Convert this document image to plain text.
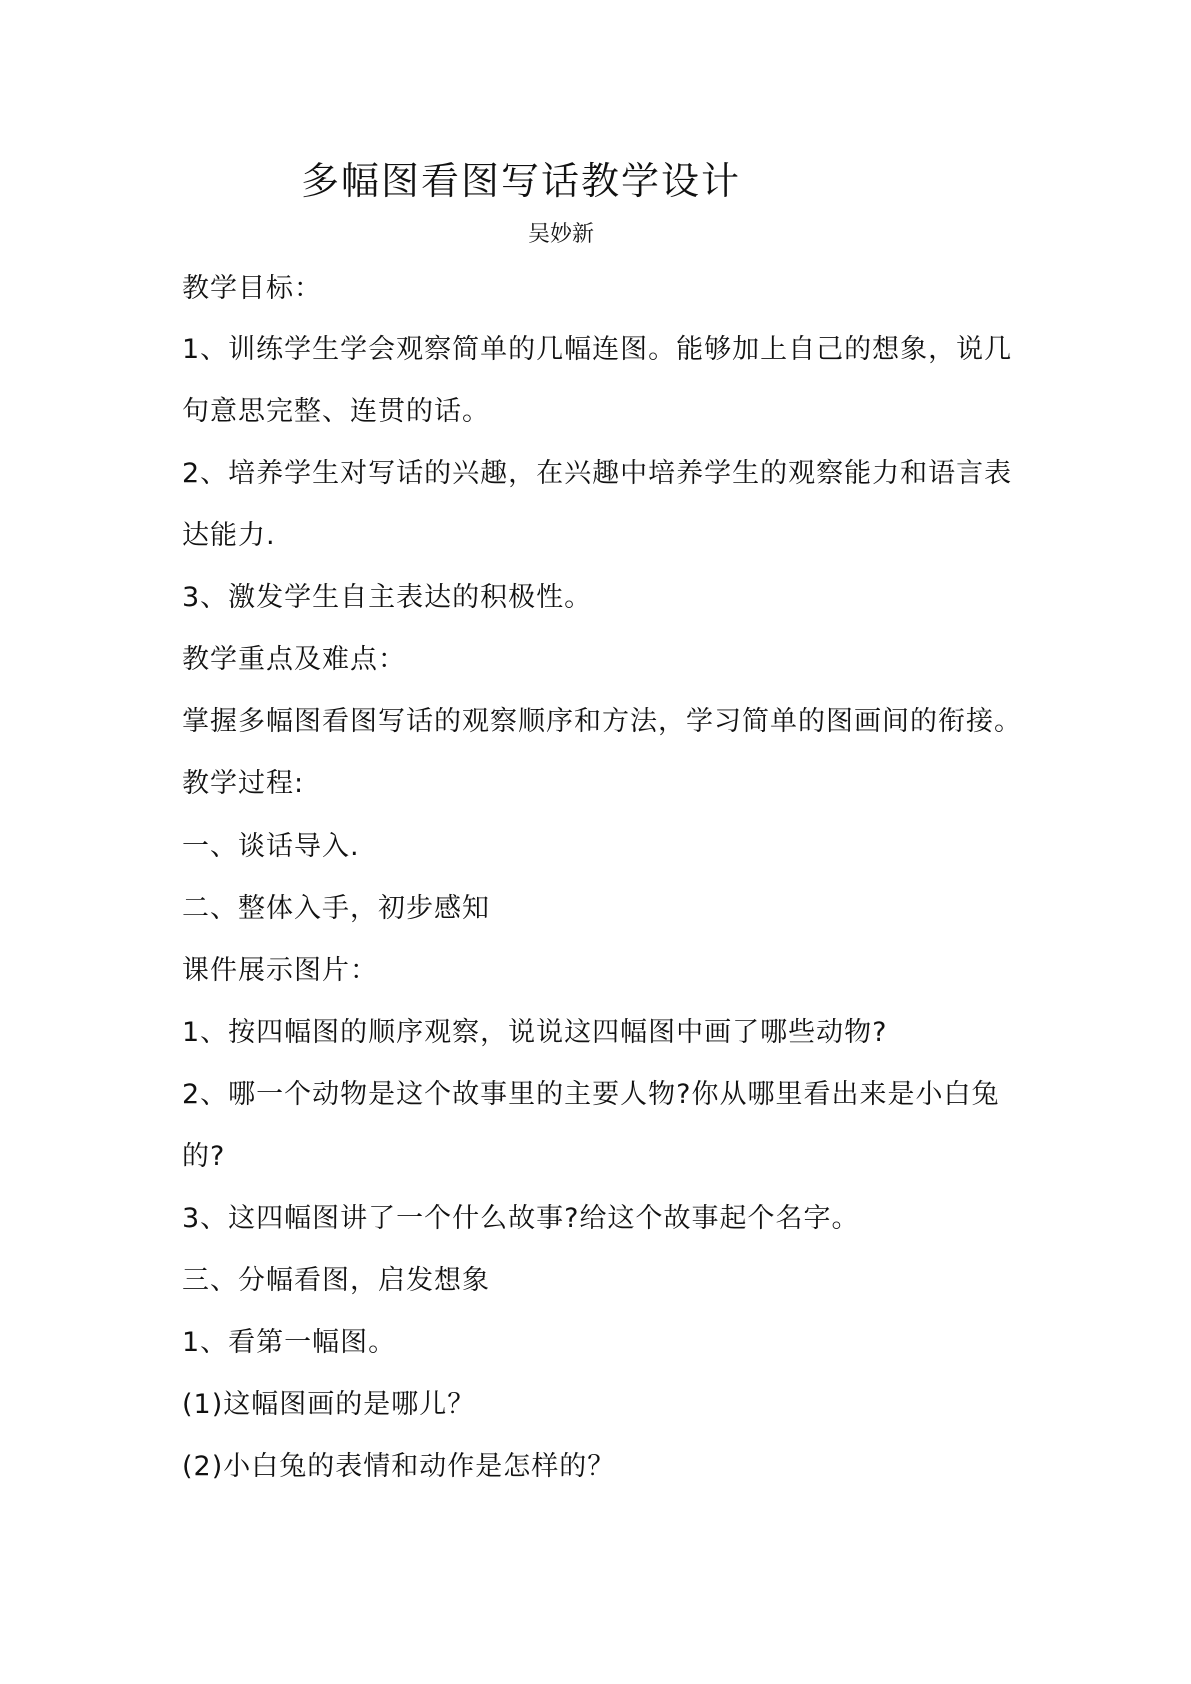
多幅图看图写话教学设计
吴妙新
教学目标：
1、训练学生学会观察简单的几幅连图。能够加上自己的想象，说几
句意思完整、连贯的话。
2、培养学生对写话的兴趣，在兴趣中培养学生的观察能力和语言表
达能力.
3、激发学生自主表达的积极性。
教学重点及难点：
掌握多幅图看图写话的观察顺序和方法，学习简单的图画间的衔接。
教学过程:
一、谈话导入.
二、整体入手，初步感知
课件展示图片：
1、按四幅图的顺序观察，说说这四幅图中画了哪些动物?
2、哪一个动物是这个故事里的主要人物?你从哪里看出来是小白兔
的?
3、这四幅图讲了一个什么故事?给这个故事起个名字。
三、分幅看图，启发想象
1、看第一幅图。
(1)这幅图画的是哪儿？
(2)小白兔的表情和动作是怎样的？
